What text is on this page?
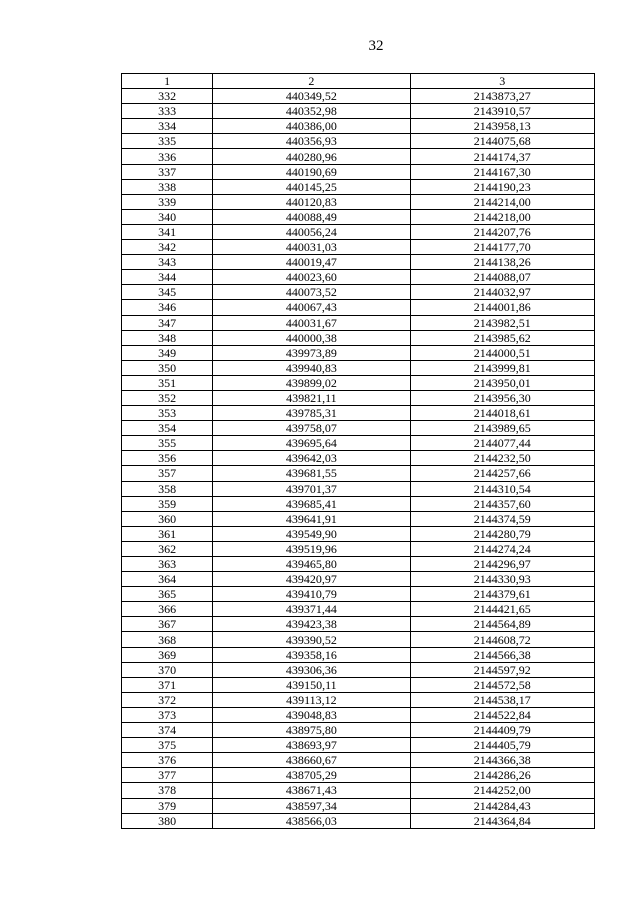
32
1	2	3
332	440349,52	2143873,27
333	440352,98	2143910,57
334	440386,00	2143958,13
335	440356,93	2144075,68
336	440280,96	2144174,37
337	440190,69	2144167,30
338	440145,25	2144190,23
339	440120,83	2144214,00
340	440088,49	2144218,00
341	440056,24	2144207,76
342	440031,03	2144177,70
343	440019,47	2144138,26
344	440023,60	2144088,07
345	440073,52	2144032,97
346	440067,43	2144001,86
347	440031,67	2143982,51
348	440000,38	2143985,62
349	439973,89	2144000,51
350	439940,83	2143999,81
351	439899,02	2143950,01
352	439821,11	2143956,30
353	439785,31	2144018,61
354	439758,07	2143989,65
355	439695,64	2144077,44
356	439642,03	2144232,50
357	439681,55	2144257,66
358	439701,37	2144310,54
359	439685,41	2144357,60
360	439641,91	2144374,59
361	439549,90	2144280,79
362	439519,96	2144274,24
363	439465,80	2144296,97
364	439420,97	2144330,93
365	439410,79	2144379,61
366	439371,44	2144421,65
367	439423,38	2144564,89
368	439390,52	2144608,72
369	439358,16	2144566,38
370	439306,36	2144597,92
371	439150,11	2144572,58
372	439113,12	2144538,17
373	439048,83	2144522,84
374	438975,80	2144409,79
375	438693,97	2144405,79
376	438660,67	2144366,38
377	438705,29	2144286,26
378	438671,43	2144252,00
379	438597,34	2144284,43
380	438566,03	2144364,84
